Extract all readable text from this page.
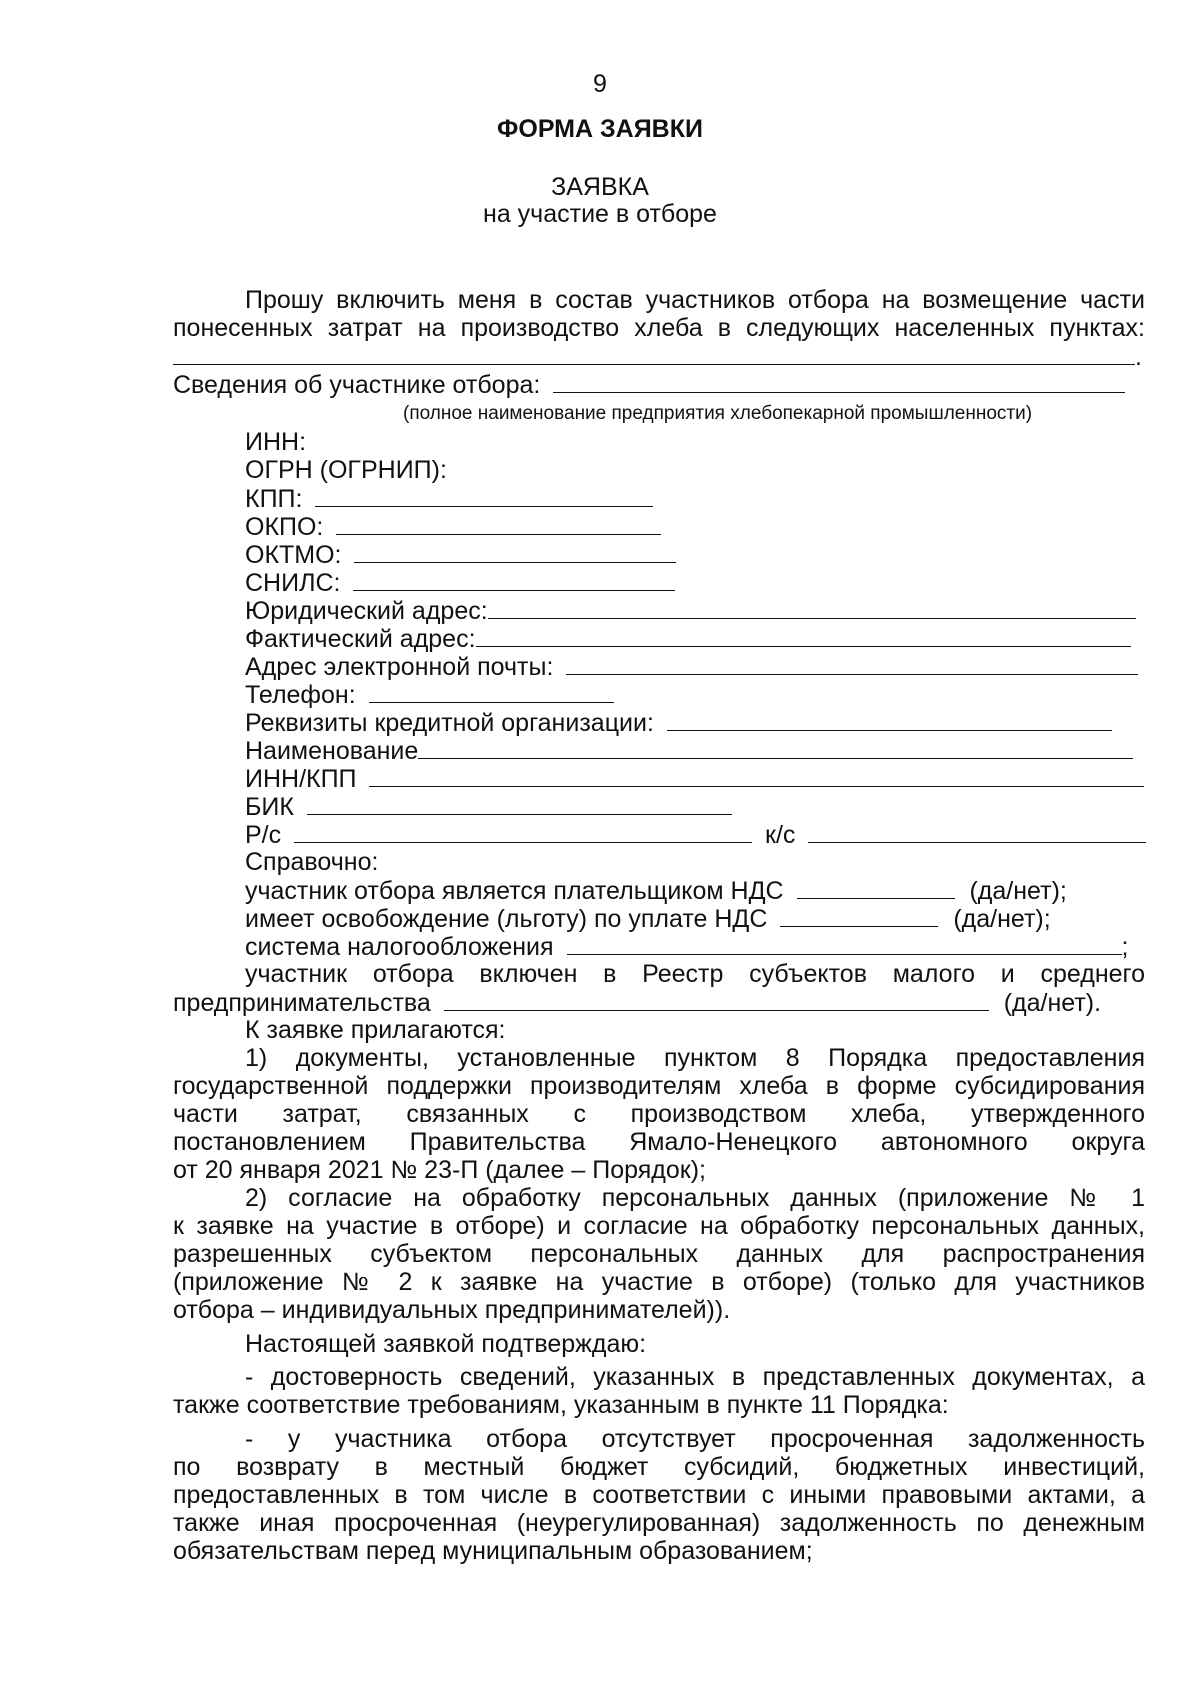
9
ФОРМА ЗАЯВКИ
ЗАЯВКА
на участие в отборе
Прошу включить меня в состав участников отбора на возмещение части
понесенных затрат на производство хлеба в следующих населенных пунктах:
.
Сведения об участнике отбора:
(полное наименование предприятия хлебопекарной промышленности)
ИНН:
ОГРН (ОГРНИП):
КПП:
ОКПО:
ОКТМО:
СНИЛС:
Юридический адрес:
Фактический адрес:
Адрес электронной почты:
Телефон:
Реквизиты кредитной организации:
Наименование
ИНН/КПП
БИК
Р/с	к/с
Справочно:
участник отбора является плательщиком НДС	(да/нет);
имеет освобождение (льготу) по уплате НДС	(да/нет);
система налогообложения	;
участник отбора включен в Реестр субъектов малого и среднего
предпринимательства	(да/нет).
К заявке прилагаются:
1) документы, установленные пунктом 8 Порядка предоставления
государственной поддержки производителям хлеба в форме субсидирования
части затрат, связанных с производством хлеба, утвержденного
постановлением Правительства Ямало-Ненецкого автономного округа
от 20 января 2021 № 23-П (далее – Порядок);
2) согласие на обработку персональных данных (приложение № 1
к заявке на участие в отборе) и согласие на обработку персональных данных,
разрешенных субъектом персональных данных для распространения
(приложение № 2 к заявке на участие в отборе) (только для участников
отбора – индивидуальных предпринимателей)).
Настоящей заявкой подтверждаю:
- достоверность сведений, указанных в представленных документах, а
также соответствие требованиям, указанным в пункте 11 Порядка:
- у участника отбора отсутствует просроченная задолженность
по возврату в местный бюджет субсидий, бюджетных инвестиций,
предоставленных в том числе в соответствии с иными правовыми актами, а
также иная просроченная (неурегулированная) задолженность по денежным
обязательствам перед муниципальным образованием;
